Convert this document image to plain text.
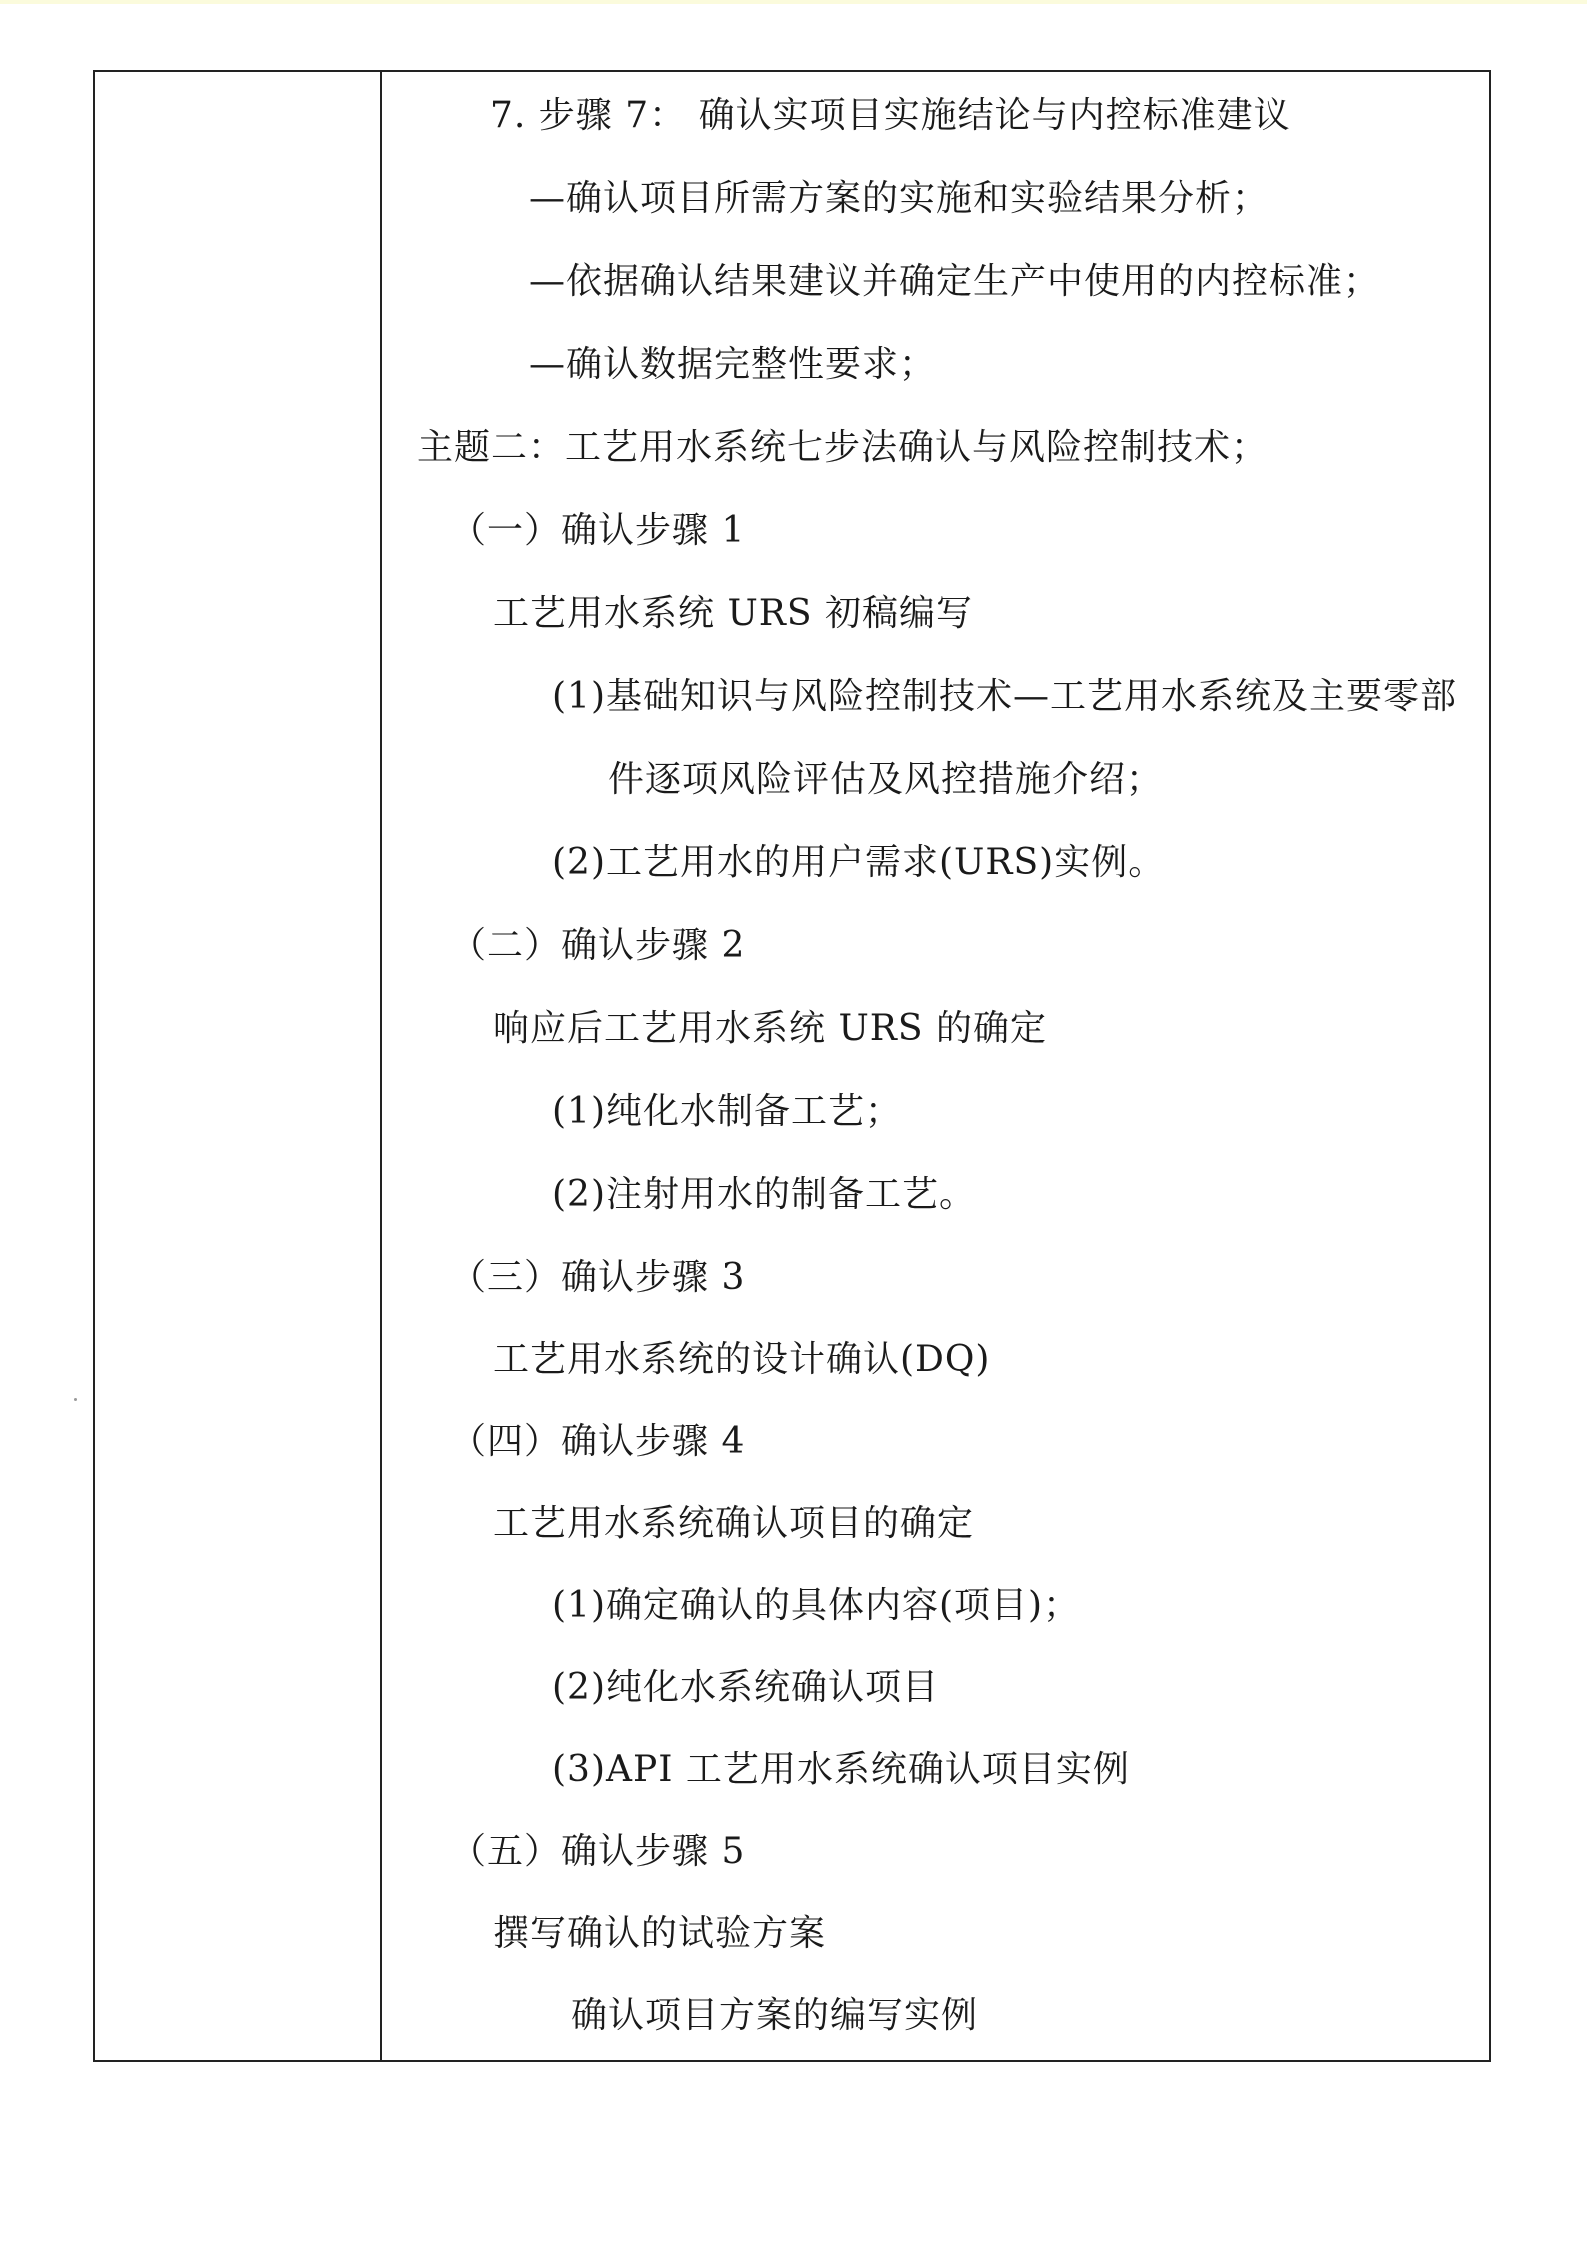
7. 步骤 7： 确认实项目实施结论与内控标准建议
—确认项目所需方案的实施和实验结果分析；
—依据确认结果建议并确定生产中使用的内控标准；
—确认数据完整性要求；
主题二：工艺用水系统七步法确认与风险控制技术；
（一）确认步骤 1
工艺用水系统 URS 初稿编写
(1)基础知识与风险控制技术—工艺用水系统及主要零部
件逐项风险评估及风控措施介绍；
(2)工艺用水的用户需求(URS)实例。
（二）确认步骤 2
响应后工艺用水系统 URS 的确定
(1)纯化水制备工艺；
(2)注射用水的制备工艺。
（三）确认步骤 3
工艺用水系统的设计确认(DQ)
（四）确认步骤 4
工艺用水系统确认项目的确定
(1)确定确认的具体内容(项目)；
(2)纯化水系统确认项目
(3)API 工艺用水系统确认项目实例
（五）确认步骤 5
撰写确认的试验方案
确认项目方案的编写实例
